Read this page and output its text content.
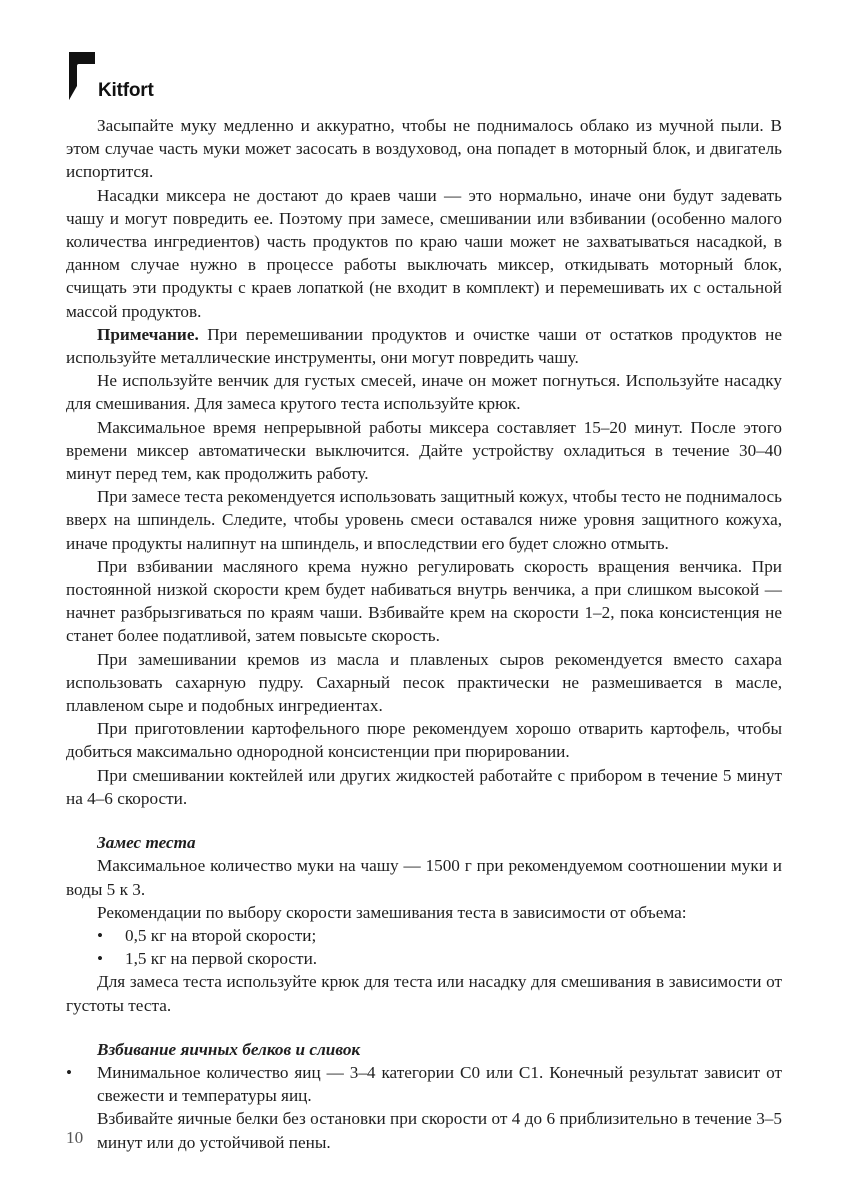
Kitfort

Засыпайте муку медленно и аккуратно, чтобы не поднималось облако из мучной пыли. В этом случае часть муки может засосать в воздуховод, она попадет в моторный блок, и двигатель испортится.

Насадки миксера не достают до краев чаши — это нормально, иначе они будут задевать чашу и могут повредить ее. Поэтому при замесе, смешивании или взбивании (особенно малого количества ингредиентов) часть продуктов по краю чаши может не захватываться насадкой, в данном случае нужно в процессе работы выключать миксер, откидывать моторный блок, счищать эти продукты с краев лопаткой (не входит в комплект) и перемешивать их с остальной массой продуктов.

Примечание. При перемешивании продуктов и очистке чаши от остатков продуктов не используйте металлические инструменты, они могут повредить чашу.

Не используйте венчик для густых смесей, иначе он может погнуться. Используйте насадку для смешивания. Для замеса крутого теста используйте крюк.

Максимальное время непрерывной работы миксера составляет 15–20 минут. После этого времени миксер автоматически выключится. Дайте устройству охладиться в течение 30–40 минут перед тем, как продолжить работу.

При замесе теста рекомендуется использовать защитный кожух, чтобы тесто не поднималось вверх на шпиндель. Следите, чтобы уровень смеси оставался ниже уровня защитного кожуха, иначе продукты налипнут на шпиндель, и впоследствии его будет сложно отмыть.

При взбивании масляного крема нужно регулировать скорость вращения венчика. При постоянной низкой скорости крем будет набиваться внутрь венчика, а при слишком высокой — начнет разбрызгиваться по краям чаши. Взбивайте крем на скорости 1–2, пока консистенция не станет более податливой, затем повысьте скорость.

При замешивании кремов из масла и плавленых сыров рекомендуется вместо сахара использовать сахарную пудру. Сахарный песок практически не размешивается в масле, плавленом сыре и подобных ингредиентах.

При приготовлении картофельного пюре рекомендуем хорошо отварить картофель, чтобы добиться максимально однородной консистенции при пюрировании.

При смешивании коктейлей или других жидкостей работайте с прибором в течение 5 минут на 4–6 скорости.

Замес теста

Максимальное количество муки на чашу — 1500 г при рекомендуемом соотношении муки и воды 5 к 3.

Рекомендации по выбору скорости замешивания теста в зависимости от объема:

• 0,5 кг на второй скорости;
• 1,5 кг на первой скорости.

Для замеса теста используйте крюк для теста или насадку для смешивания в зависимости от густоты теста.

Взбивание яичных белков и сливок
• Минимальное количество яиц — 3–4 категории С0 или С1. Конечный результат зависит от свежести и температуры яиц.

Взбивайте яичные белки без остановки при скорости от 4 до 6 приблизительно в течение 3–5 минут или до устойчивой пены.

10
